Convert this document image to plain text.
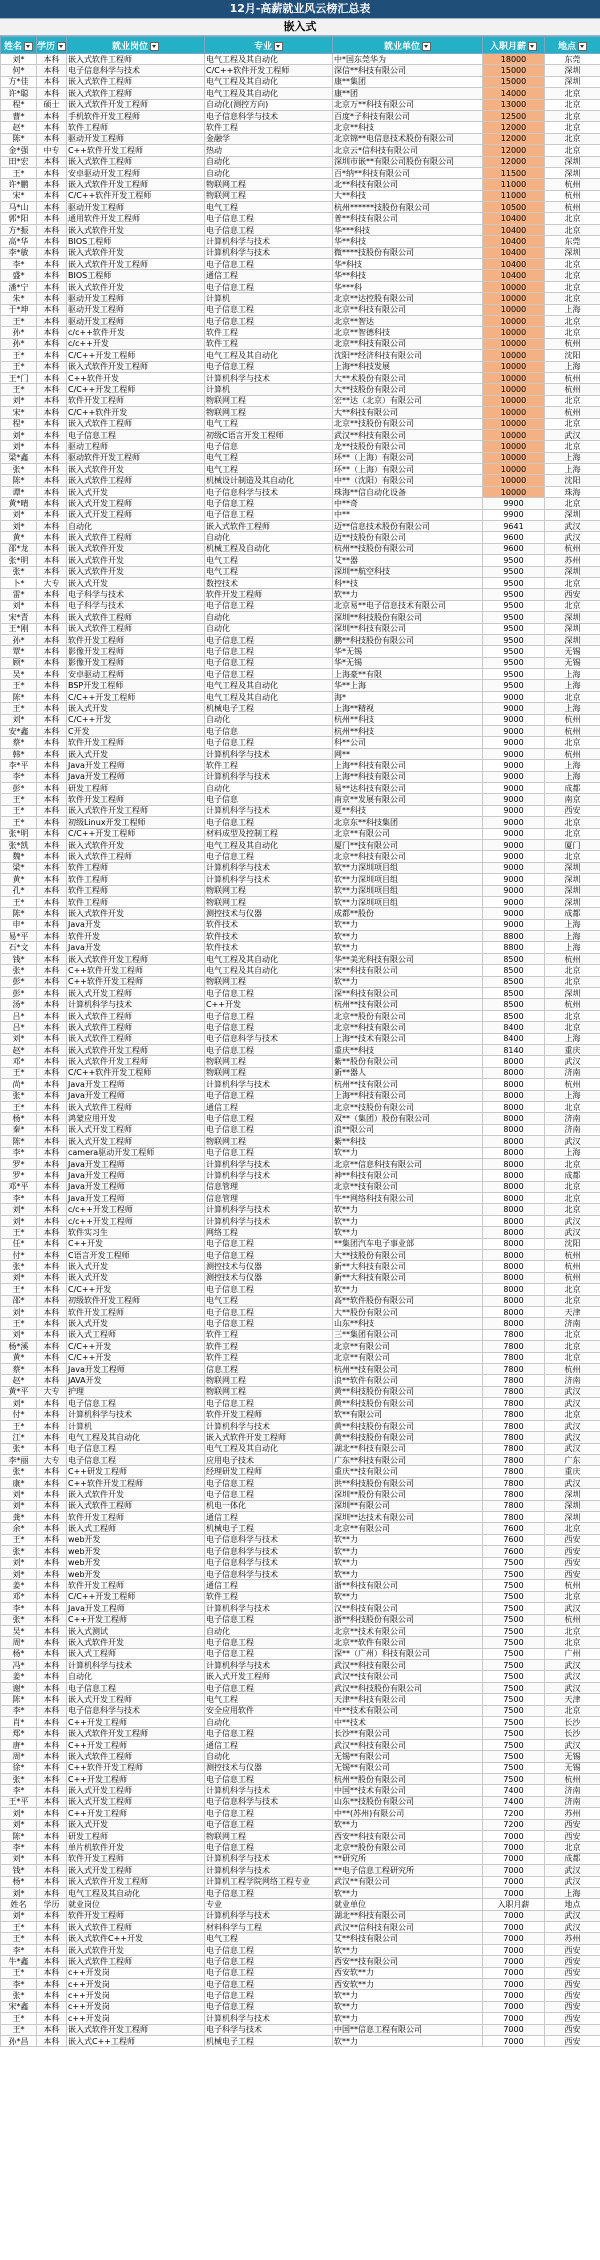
12月-高薪就业风云榜汇总表
嵌入式
姓名	学历	就业岗位	专业	就业单位	入职月薪	地点
刘*	本科	嵌入式软件工程师	电气工程及其自动化	中*国东莞华为	18000	东莞
何*	本科	电子信息科学与技术	C/C++软件开发工程师	深信**科技有限公司	15000	深圳
方*佳	本科	嵌入式软件工程师	电气工程及其自动化	康**集团	15000	深圳
许*聪	本科	嵌入式软件工程师	电气工程及其自动化	康**团	14000	北京
程*	硕士	嵌入式软件开发工程师	自动化(测控方向)	北京万**科技有限公司	13000	北京
曹*	本科	手机软件开发工程师	电子信息科学与技术	百度*子科技有限公司	12500	北京
赵*	本科	软件工程师	软件工程	北京**科技	12000	北京
陈*	本科	驱动开发工程师	金融学	北京锦**电信息技术股份有限公司	12000	北京
金*强	中专	C++软件开发工程师	热动	北京云*信科技有限公司	12000	北京
田*宏	本科	嵌入式软件工程师	自动化	深圳市嵌**有限公司股份有限公司	12000	深圳
王*	本科	安卓驱动开发工程师	自动化	百*纳**科技有限公司	11500	深圳
许*鹏	本科	嵌入式软件开发工程师	物联网工程	北**科技有限公司	11000	杭州
宋*	本科	C/C++软件开发工程师	物联网工程	大**科技	11000	杭州
马*山	本科	驱动开发工程师	电气工程	杭州******技股份有限公司	10500	杭州
郭*阳	本科	通用软件开发工程师	电子信息工程	普**科技有限公司	10400	北京
方*振	本科	嵌入式软件开发	电子信息工程	华***科技	10400	北京
高*华	本科	BIOS工程师	计算机科学与技术	华**科技	10400	东莞
李*敏	本科	嵌入式软件开发	计算机科学与技术	微****技股份有限公司	10400	深圳
李*	本科	嵌入式软件开发工程师	电子信息工程	华*科技	10400	北京
盛*	本科	BIOS工程师	通信工程	华**科技	10400	北京
潘*宁	本科	嵌入式软件开发	电子信息工程	华***科	10000	北京
朱*	本科	驱动开发工程师	计算机	北京**达控股有限公司	10000	北京
于*坤	本科	驱动开发工程师	电子信息工程	北京**科技有限公司	10000	上海
王*	本科	驱动开发工程师	电子信息工程	北京**智达	10000	北京
孙*	本科	c/c++软件开发	软件工程	北京**智德科技	10000	北京
孙*	本科	c/c++开发	软件工程	北京**科技有限公司	10000	杭州
王*	本科	C/C++开发工程师	电气工程及其自动化	沈阳**经济科技有限公司	10000	沈阳
王*	本科	嵌入式软件开发工程师	电子信息工程	上海**科技发展	10000	上海
王*门	本科	C++软件开发	计算机科学与技术	大**术股份有限公司	10000	杭州
王*	本科	C/C++开发工程师	计算机	大**技股份有限公司	10000	杭州
刘*	本科	软件开发工程师	物联网工程	宏**达（北京）有限公司	10000	北京
宋*	本科	C/C++软件开发	物联网工程	大**科技有限公司	10000	杭州
程*	本科	嵌入式软件工程师	电气工程	北京**技股份有限公司	10000	北京
刘*	本科	电子信息工程	初级C语言开发工程师	武汉**科技有限公司	10000	武汉
刘*	本科	驱动工程师	电子信息	龙**技股份有限公司	10000	北京
梁*鑫	本科	驱动软件开发工程师	电气工程	环**（上海）有限公司	10000	上海
张*	本科	嵌入式软件开发	电气工程	环**（上海）有限公司	10000	上海
陈*	本科	嵌入式软件工程师	机械设计制造及其自动化	中**（沈阳）有限公司	10000	沈阳
谭*	本科	嵌入式开发	电子信息科学与技术	珠海**信自动化设备	10000	珠海
黄*晴	本科	嵌入式开发工程师	电子信息工程	中**奇	9900	北京
刘*	本科	嵌入式开发工程师	电子信息工程	中**	9900	深圳
刘*	本科	自动化	嵌入式软件工程师	迈**信息技术股份有限公司	9641	武汉
黄*	本科	嵌入式软件工程师	自动化	迈**技股份有限公司	9600	武汉
邵*龙	本科	嵌入式软件开发	机械工程及自动化	杭州**技股份有限公司	9600	杭州
张*明	本科	嵌入式软件开发	电气工程	艾**器	9500	苏州
张*	本科	嵌入式软件开发	电气工程	深圳**航空科技	9500	深圳
卜*	大专	嵌入式开发	数控技术	科**技	9500	北京
雷*	本科	电子科学与技术	软件开发工程师	软**力	9500	西安
刘*	本科	电子科学与技术	电子信息工程	北京易**电子信息技术有限公司	9500	北京
宋*青	本科	嵌入式软件工程师	自动化	深圳**科技股份有限公司	9500	深圳
王*刚	本科	嵌入式软件工程师	自动化	深圳**科技有限公司	9500	深圳
孙*	本科	软件开发工程师	电子信息工程	鹏**科技股份有限公司	9500	深圳
覃*	本科	影像开发工程师	电子信息工程	华*无锡	9500	无锡
顾*	本科	影像开发工程师	电子信息工程	华*无锡	9500	无锡
吴*	本科	安卓驱动工程师	电子信息工程	上海豪**有限	9500	上海
王*	本科	BSP开发工程师	电气工程及其自动化	华**上海	9500	上海
陈*	本科	C/C++开发工程师	电气工程及其自动化	海*	9000	北京
王*	本科	嵌入式开发	机械电子工程	上海**精视	9000	上海
刘*	本科	C/C++开发	自动化	杭州**科技	9000	杭州
安*鑫	本科	C开发	电子信息	杭州**科技	9000	杭州
蔡*	本科	软件开发工程师	电子信息工程	科**公司	9000	北京
韩*	本科	嵌入式开发	计算机科学与技术	网**	9000	杭州
李*平	本科	Java开发工程师	软件工程	上海**科技有限公司	9000	上海
李*	本科	Java开发工程师	计算机科学与技术	上海**科技有限公司	9000	上海
彭*	本科	研发工程师	自动化	易**达科技有限公司	9000	成都
王*	本科	软件开发工程师	电子信息	南京**发展有限公司	9000	南京
王*	本科	嵌入式软件开发工程师	计算机科学与技术	夏**科技	9000	西安
王*	本科	初级Linux开发工程师	电子信息工程	北京东**科技集团	9000	北京
张*明	本科	C/C++开发工程师	材料成型及控制工程	北京**有限公司	9000	北京
张*凯	本科	嵌入式软件开发	电气工程及其自动化	厦门**技有限公司	9000	厦门
魏*	本科	嵌入式软件工程师	电子信息工程	北京**科技有限公司	9000	北京
梁*	本科	软件工程师	计算机科学与技术	软**力深圳项目组	9000	深圳
黄*	本科	软件工程师	计算机科学与技术	软**力深圳项目组	9000	深圳
孔*	本科	软件工程师	物联网工程	软**力深圳项目组	9000	深圳
王*	本科	软件工程师	物联网工程	软**力深圳项目组	9000	深圳
陈*	本科	嵌入式软件开发	测控技术与仪器	成都**股份	9000	成都
申*	本科	Java开发	软件技术	软**力	9000	上海
易*平	本科	软件开发	软件技术	软**力	8800	上海
石*文	本科	Java开发	软件技术	软**力	8800	上海
钱*	本科	嵌入式软件开发工程师	电气工程及其自动化	华**美光科技有限公司	8500	杭州
张*	本科	C++软件开发工程师	电气工程及其自动化	宋**科技有限公司	8500	北京
彭*	本科	C++软件开发工程师	物联网工程	软**力	8500	北京
彭*	本科	嵌入式开发工程师	电子信息工程	深**科技有限公司	8500	深圳
汤*	本科	计算机科学与技术	C++开发	杭州**技有限公司	8500	杭州
吕*	本科	嵌入式软件工程师	电子信息工程	北京**股份有限公司	8500	北京
吕*	本科	嵌入式软件工程师	电子信息工程	北京**科技有限公司	8400	北京
刘*	本科	嵌入式软件工程师	电子信息科学与技术	上海**技术有限公司	8400	上海
赵*	本科	嵌入式软件开发工程师	电子信息工程	重庆**科技	8140	重庆
邓*	本科	嵌入式软件开发工程师	物联网工程	紫**股份有限公司	8000	武汉
王*	本科	C/C++软件开发工程师	物联网工程	新**器人	8000	济南
尚*	本科	Java开发工程师	计算机科学与技术	杭州**技有限公司	8000	杭州
张*	本科	Java开发工程师	电子信息工程	上海**科技有限公司	8000	上海
王*	本科	嵌入式软件工程师	通信工程	北京**技股份有限公司	8000	北京
杨*	本科	鸿蒙应用开发	电子信息工程	双**（集团）股份有限公司	8000	济南
秦*	本科	嵌入式开发工程师	电子信息工程	浪**限公司	8000	济南
陈*	本科	嵌入式开发工程师	物联网工程	紫**科技	8000	武汉
李*	本科	camera驱动开发工程师	电子信息工程	软**力	8000	上海
罗*	本科	Java开发工程师	计算机科学与技术	北京**信息科技有限公司	8000	北京
罗*	本科	Java开发工程师	计算机科学与技术	神**科技有限公司	8000	成都
邓*平	本科	Java开发工程师	信息管理	北京**技有限公司	8000	北京
李*	本科	Java开发工程师	信息管理	牛**网络科技有限公司	8000	北京
刘*	本科	c/c++开发工程师	计算机科学与技术	软**力	8000	北京
刘*	本科	c/c++开发工程师	计算机科学与技术	软**力	8000	武汉
王*	本科	软件实习生	网络工程	软**力	8000	武汉
任*	本科	C++开发	电子信息工程	**集团汽车电子事业部	8000	沈阳
付*	本科	C语言开发工程师	电子信息工程	大**技股份有限公司	8000	杭州
张*	本科	嵌入式开发	测控技术与仪器	新**大科技有限公司	8000	杭州
刘*	本科	嵌入式开发	测控技术与仪器	新**大科技有限公司	8000	杭州
王*	本科	C/C++开发	电子信息工程	软**力	8000	北京
邵*	本科	初级软件开发工程师	电气工程	高**软件股份有限公司	8000	北京
刘*	本科	软件开发工程师	电子信息工程	大**股份有限公司	8000	天津
王*	本科	嵌入式开发	电子信息工程	山东**科技	8000	济南
刘*	本科	嵌入式工程师	软件工程	三**集团有限公司	7800	北京
杨*溪	本科	C/C++开发	软件工程	北京**有限公司	7800	北京
黄*	本科	C/C++开发	软件工程	北京**有限公司	7800	北京
蔡*	本科	Java开发工程师	信息工程	杭州**技有限公司	7800	杭州
赵*	本科	JAVA开发	物联网工程	浪**软件有限公司	7800	济南
黄*平	大专	护理	物联网工程	黄**科技股份有限公司	7800	武汉
刘*	本科	电子信息工程	电子信息工程	黄**科技股份有限公司	7800	武汉
付*	本科	计算机科学与技术	软件开发工程师	软**有限公司	7800	北京
王*	本科	计算机	计算机科学与技术	黄**科技股份有限公司	7800	武汉
江*	本科	电气工程及其自动化	嵌入式软件开发工程师	黄**科技股份有限公司	7800	武汉
张*	本科	电子信息工程	电气工程及其自动化	湖北**科技有限公司	7800	武汉
李*丽	大专	电子信息工程	应用电子技术	广东**科技有限公司	7800	广东
张*	本科	C++研发工程师	经理研发工程师	重庆**技有限公司	7800	重庆
康*	本科	C++软件开发工程师	电子信息工程	洪**科技股份有限公司	7800	武汉
刘*	本科	嵌入式软件开发	电子信息工程	深圳**股份有限公司	7800	深圳
刘*	本科	嵌入式软件工程师	机电一体化	深圳**有限公司	7800	深圳
龚*	本科	软件开发工程师	通信工程	深圳**达技术有限公司	7800	深圳
余*	本科	嵌入式工程师	机械电子工程	北京**有限公司	7600	北京
王*	本科	web开发	电子信息科学与技术	软**力	7600	西安
张*	本科	web开发	电子信息科学与技术	软**力	7600	西安
刘*	本科	web开发	电子信息科学与技术	软**力	7500	西安
刘*	本科	web开发	电子信息科学与技术	软**力	7500	西安
姜*	本科	软件开发工程师	通信工程	浙**科技有限公司	7500	杭州
邓*	本科	C/C++开发工程师	软件工程	软**力	7500	北京
李*	本科	Java开发工程师	计算机科学与技术	汉**科技有限公司	7500	武汉
张*	本科	C++开发工程师	电子信息工程	浙**科技股份有限公司	7500	杭州
吴*	本科	嵌入式测试	自动化	北京**技术有限公司	7500	北京
周*	本科	嵌入式软件开发	电子信息工程	北京**软件有限公司	7500	北京
杨*	本科	嵌入式工程师	电子信息工程	深**（广州）科技有限公司	7500	广州
冯*	本科	计算机科学与技术	计算机科学与技术	武汉**科技有限公司	7500	武汉
姜*	本科	自动化	嵌入式开发工程师	武汉**技有限公司	7500	武汉
谢*	本科	电子信息工程	电子信息工程	武汉**科技股份有限公司	7500	武汉
陈*	本科	嵌入式开发工程师	电气工程	天津**科技有限公司	7500	天津
李*	本科	电子信息科学与技术	安全应用软件	中**技术有限公司	7500	北京
肖*	本科	C++开发工程师	自动化	中**技术	7500	长沙
郑*	本科	嵌入式软件开发工程师	电子信息工程	长沙**有限公司	7500	长沙
唐*	本科	C++开发工程师	通信工程	武汉**科技有限公司	7500	武汉
周*	本科	嵌入式软件工程师	自动化	无锡**有限公司	7500	无锡
徐*	本科	C++软件开发工程师	测控技术与仪器	无锡**有限公司	7500	无锡
张*	本科	C++开发工程师	电子信息工程	杭州**股份有限公司	7500	杭州
李*	本科	嵌入式开发工程师	计算机科学与技术	中国**技术有限公司	7400	济南
王*平	本科	嵌入式开发工程师	电子信息科学与技术	山东**技股份有限公司	7400	济南
刘*	本科	C++开发工程师	电子信息工程	中**(苏州)有限公司	7200	苏州
刘*	本科	嵌入式开发	电子信息工程	软**力	7200	西安
陈*	本科	研发工程师	物联网工程	西安**科技有限公司	7000	西安
李*	本科	单片机软件开发	电子信息工程	北京**股份有限公司	7000	北京
刘*	本科	软件开发工程师	计算机科学与技术	**研究所	7000	成都
钱*	本科	嵌入式开发工程师	计算机科学与技术	**电子信息工程研究所	7000	武汉
杨*	本科	嵌入式软件开发工程师	计算机工程学院网络工程专业	武汉**有限公司	7000	武汉
刘*	本科	电气工程及其自动化	电子信息工程	软**力	7000	上海
姓名	学历	就业岗位	专业	就业单位	入职月薪	地点
刘*	本科	软件开发工程师	计算机科学与技术	湖北**科技有限公司	7000	武汉
王*	本科	嵌入式软件工程师	材料科学与工程	武汉**信科技有限公司	7000	武汉
王*	本科	嵌入式软件C++开发	电气工程	艾**科技有限公司	7000	苏州
李*	本科	嵌入式软件开发	电子信息工程	软**力	7000	西安
牛*鑫	本科	嵌入式软件工程师	电子信息工程	西安**技有限公司	7000	西安
王*	本科	c++开发岗	电子信息工程	西安软**力	7000	西安
李*	本科	c++开发岗	电子信息工程	西安软**力	7000	西安
张*	本科	c++开发岗	电子信息工程	软**力	7000	西安
宋*鑫	本科	c++开发岗	电子信息工程	软**力	7000	西安
王*	本科	c++开发岗	计算机科学与技术	软**力	7000	西安
王*	本科	嵌入式软件开发工程师	电子科学与技术	中国**信息工程有限公司	7000	西安
孙*昌	本科	嵌入式C++工程师	机械电子工程	软**力	7000	西安
